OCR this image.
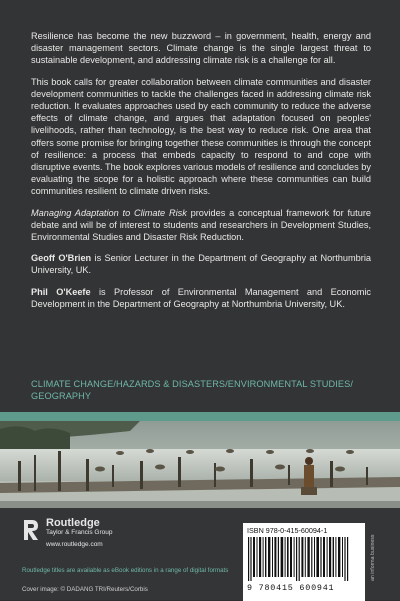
Resilience has become the new buzzword – in government, health, energy and disaster management sectors. Climate change is the single largest threat to sustainable development, and addressing climate risk is a challenge for all.

This book calls for greater collaboration between climate communities and disaster development communities to tackle the challenges faced in addressing climate risk reduction. It evaluates approaches used by each community to reduce the adverse effects of climate change, and argues that adaptation focused on peoples' livelihoods, rather than technology, is the best way to reduce risk. One area that offers some promise for bringing together these communities is through the concept of resilience: a process that embeds capacity to respond to and cope with disruptive events. The book explores various models of resilience and concludes by evaluating the scope for a holistic approach where these communities can build communities resilient to climate driven risks.

Managing Adaptation to Climate Risk provides a conceptual framework for future debate and will be of interest to students and researchers in Development Studies, Environmental Studies and Disaster Risk Reduction.

Geoff O'Brien is Senior Lecturer in the Department of Geography at Northumbria University, UK.

Phil O'Keefe is Professor of Environmental Management and Economic Development in the Department of Geography at Northumbria University, UK.

CLIMATE CHANGE/HAZARDS & DISASTERS/ENVIRONMENTAL STUDIES/ GEOGRAPHY
Routledge
Taylor & Francis Group
www.routledge.com
Routledge titles are available as eBook editions in a range of digital formats
Cover image: © DADANG TRI/Reuters/Corbis
ISBN 978-0-415-60094-1
9 780415 600941
an informa business
